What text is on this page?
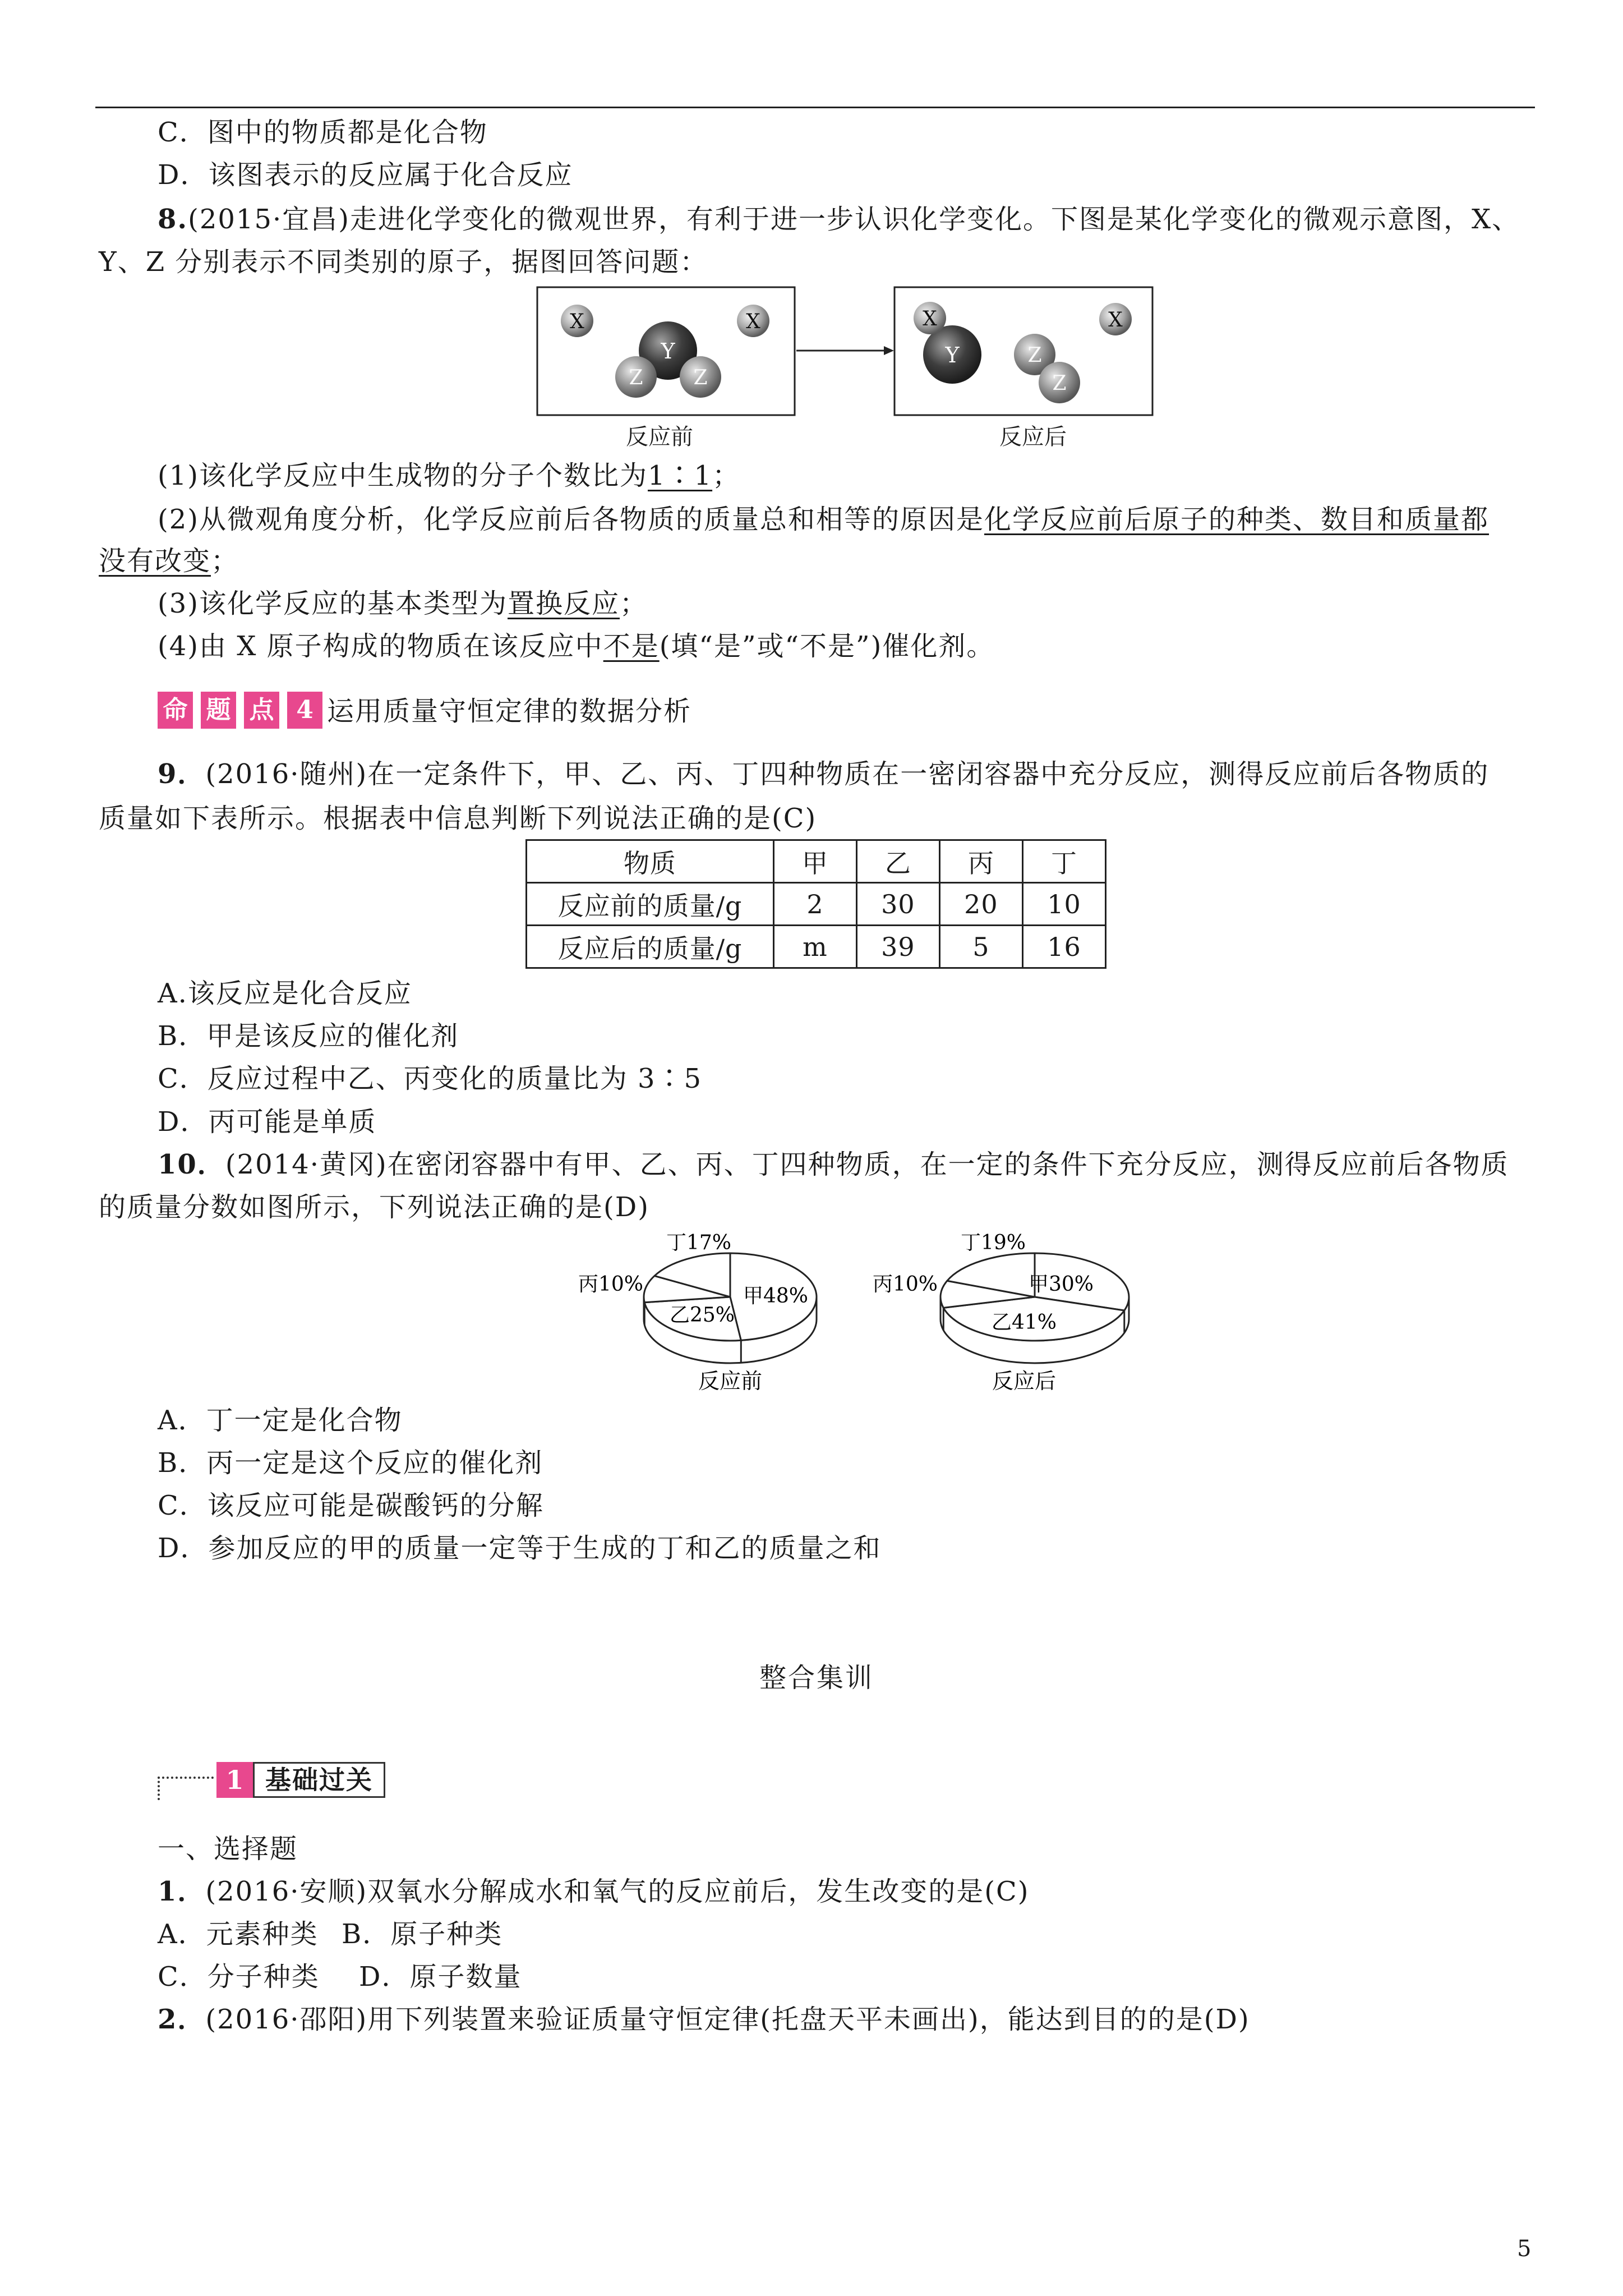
C．图中的物质都是化合物
D．该图表示的反应属于化合反应
8.(2015·宜昌)走进化学变化的微观世界，有利于进一步认识化学变化。下图是某化学变化的微观示意图，X、
Y、Z 分别表示不同类别的原子，据图回答问题：
X	X
Y
Z Z
Y
X
Z
Z
X
反应前	反应后
(1)该化学反应中生成物的分子个数比为1∶1；
(2)从微观角度分析，化学反应前后各物质的质量总和相等的原因是化学反应前后原子的种类、数目和质量都
没有改变；
(3)该化学反应的基本类型为置换反应；
(4)由 X 原子构成的物质在该反应中不是(填“是”或“不是”)催化剂。
命 题 点 4 运用质量守恒定律的数据分析
9．(2016·随州)在一定条件下，甲、乙、丙、丁四种物质在一密闭容器中充分反应，测得反应前后各物质的
质量如下表所示。根据表中信息判断下列说法正确的是(C)
物质	甲	乙	丙	丁
反应前的质量/g	2	30	20	10
反应后的质量/g	m	39	5	16
A.该反应是化合反应
B．甲是该反应的催化剂
C．反应过程中乙、丙变化的质量比为 3∶5
D．丙可能是单质
10．(2014·黄冈)在密闭容器中有甲、乙、丙、丁四种物质，在一定的条件下充分反应，测得反应前后各物质
的质量分数如图所示，下列说法正确的是(D)
丁17%
丙10%
甲48%
乙25%
反应前
丁19%
丙10%	甲30%
乙41%
反应后
A．丁一定是化合物
B．丙一定是这个反应的催化剂
C．该反应可能是碳酸钙的分解
D．参加反应的甲的质量一定等于生成的丁和乙的质量之和
整合集训
1 基础过关
一、选择题
1．(2016·安顺)双氧水分解成水和氧气的反应前后，发生改变的是(C)
A．元素种类 B．原子种类
C．分子种类 D．原子数量
2．(2016·邵阳)用下列装置来验证质量守恒定律(托盘天平未画出)，能达到目的的是(D)
5
